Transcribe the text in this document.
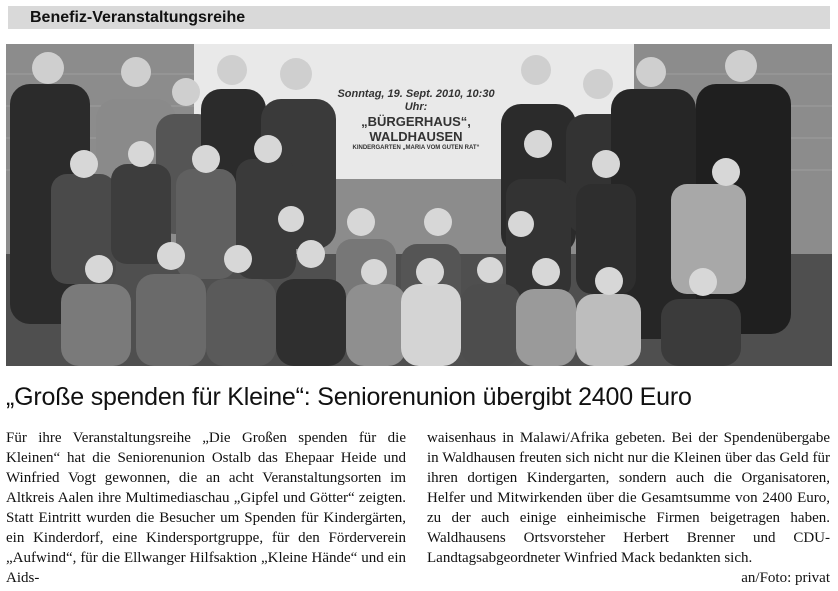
Benefiz-Veranstaltungsreihe
Sonntag, 19. Sept. 2010, 10:30 Uhr:
„BÜRGERHAUS“, WALDHAUSEN
KINDERGARTEN „MARIA VOM GUTEN RAT“
„Große spenden für Kleine“: Seniorenunion übergibt 2400 Euro

Für ihre Veranstaltungsreihe „Die Großen spenden für die Kleinen“ hat die Seniorenunion Ostalb das Ehepaar Heide und Winfried Vogt gewonnen, die an acht Veranstaltungsorten im Altkreis Aalen ihre Multimediaschau „Gipfel und Götter“ zeigten. Statt Eintritt wurden die Besucher um Spenden für Kindergärten, ein Kinderdorf, eine Kindersportgruppe, für den Förderverein „Aufwind“, für die Ellwanger Hilfsaktion „Kleine Hände“ und ein Aids-

waisenhaus in Malawi/Afrika gebeten. Bei der Spendenübergabe in Waldhausen freuten sich nicht nur die Kleinen über das Geld für ihren dortigen Kindergarten, sondern auch die Organisatoren, Helfer und Mitwirkenden über die Gesamtsumme von 2400 Euro, zu der auch einige einheimische Firmen beigetragen haben. Waldhausens Ortsvorsteher Herbert Brenner und CDU-Landtagsabgeordneter Winfried Mack bedankten sich.
an/Foto: privat
